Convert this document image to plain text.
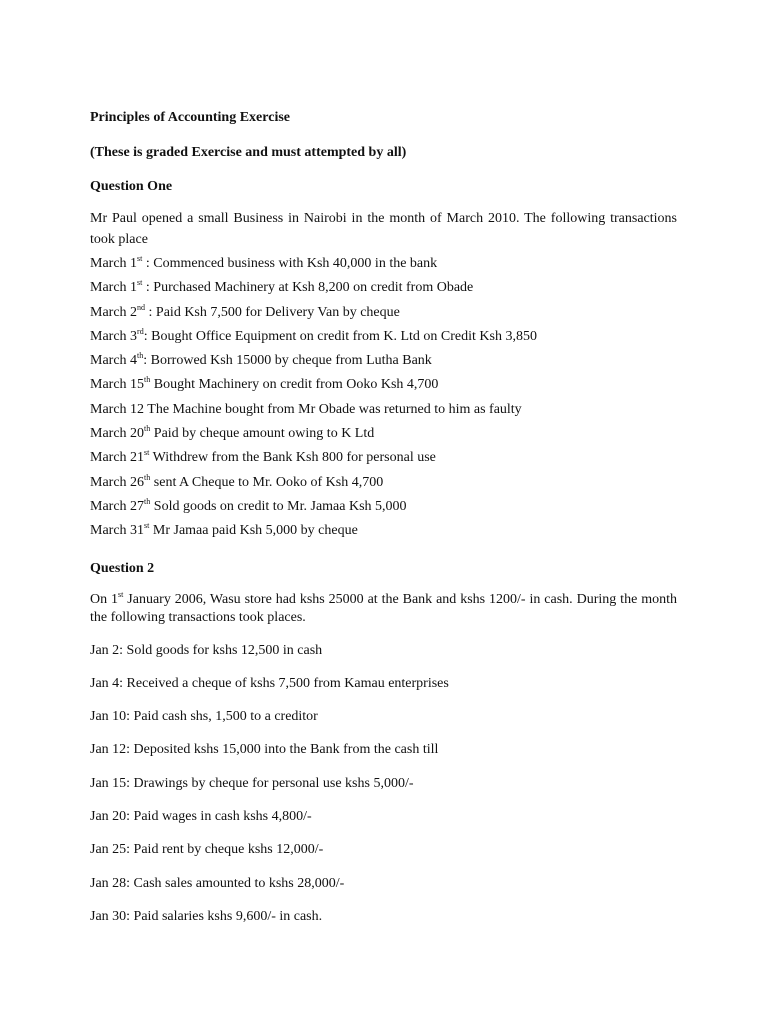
Principles of Accounting Exercise

(These is graded Exercise and must attempted by all)

Question One

Mr Paul opened a small Business in Nairobi in the month of March 2010. The following transactions took place

March 1st : Commenced business with Ksh 40,000 in the bank

March 1st : Purchased Machinery at Ksh 8,200 on credit from Obade

March 2nd : Paid Ksh 7,500 for Delivery Van by cheque

March 3rd: Bought Office Equipment on credit from K. Ltd on Credit Ksh 3,850

March 4th: Borrowed Ksh 15000 by cheque from Lutha Bank

March 15th Bought Machinery on credit from Ooko Ksh 4,700

March 12 The Machine bought from Mr Obade was returned to him as faulty

March 20th Paid by cheque amount owing to K Ltd

March 21st Withdrew from the Bank Ksh 800 for personal use

March 26th sent A Cheque to Mr. Ooko of Ksh 4,700

March 27th Sold goods on credit to Mr. Jamaa Ksh 5,000

March 31st Mr Jamaa paid Ksh 5,000 by cheque

Question 2

On 1st January 2006, Wasu store had kshs 25000 at the Bank and kshs 1200/- in cash. During the month the following transactions took places.

Jan 2: Sold goods for kshs 12,500 in cash

Jan 4: Received a cheque of kshs 7,500 from Kamau enterprises

Jan 10: Paid cash shs, 1,500 to a creditor

Jan 12: Deposited kshs 15,000 into the Bank from the cash till

Jan 15: Drawings by cheque for personal use kshs 5,000/-

Jan 20: Paid wages in cash kshs 4,800/-

Jan 25: Paid rent by cheque kshs 12,000/-

Jan 28: Cash sales amounted to kshs 28,000/-

Jan 30: Paid salaries kshs 9,600/- in cash.
